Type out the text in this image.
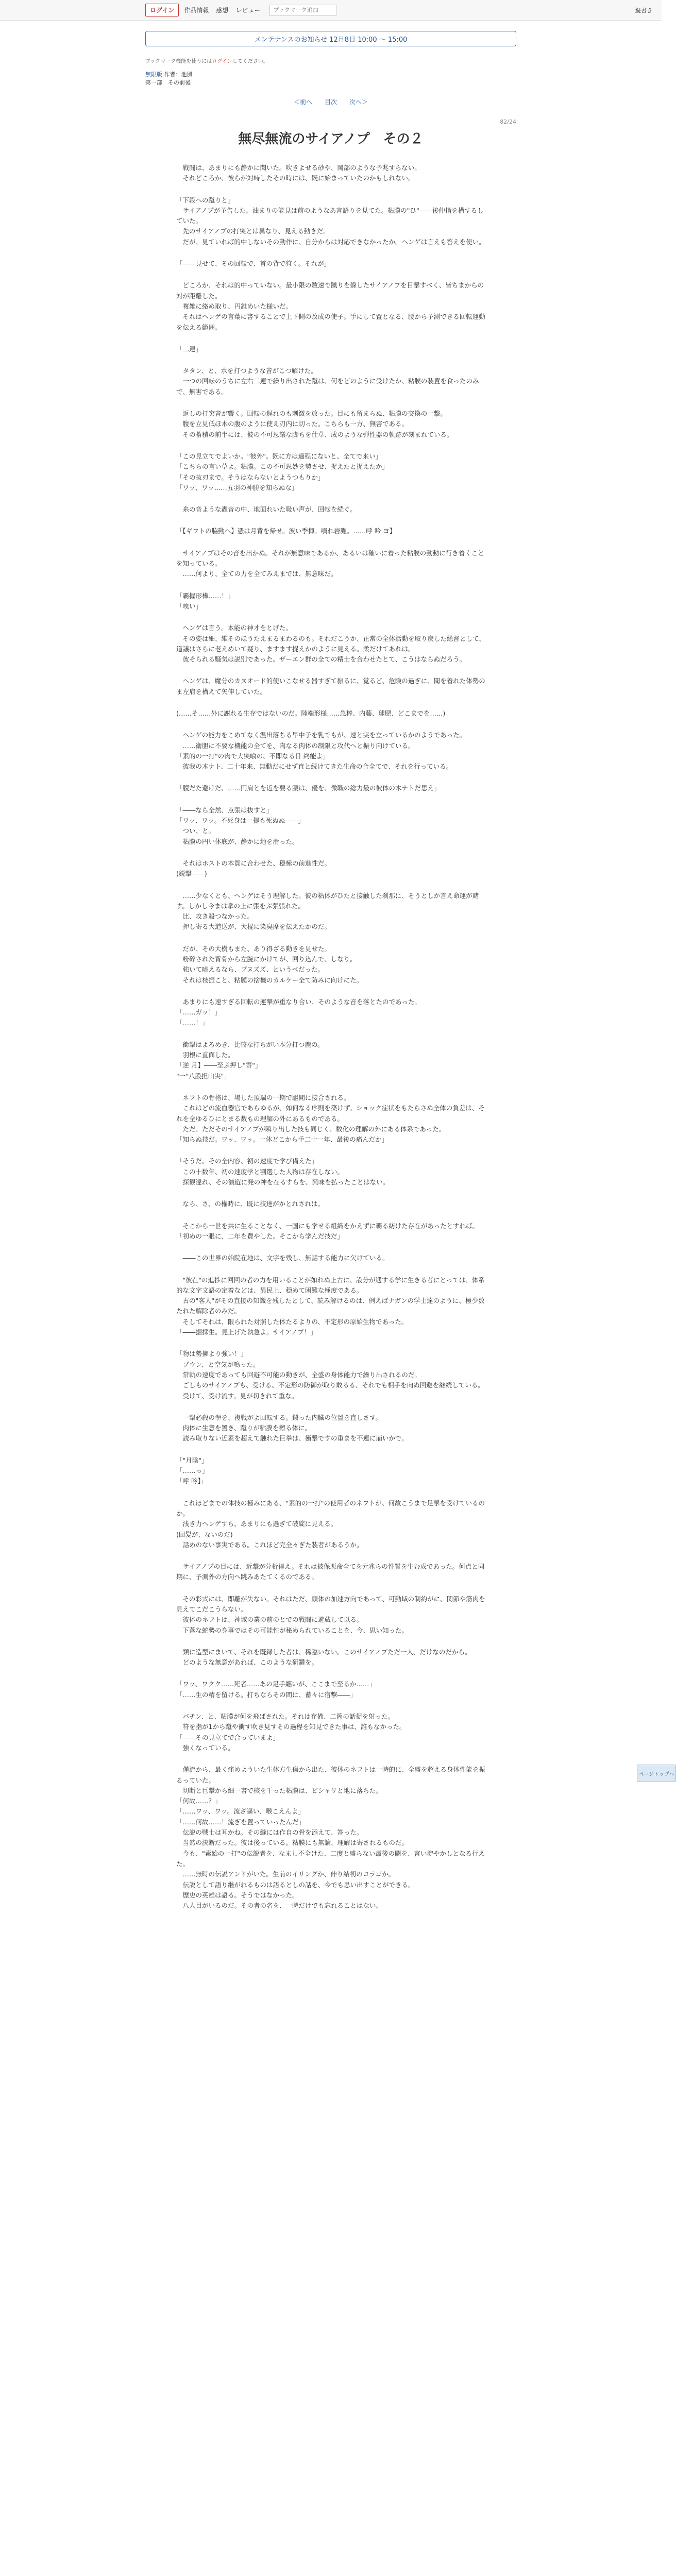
ログイン	作品情報 感想 レビュー
ブックマーク追加	縦書き
メンテナンスのお知らせ 12月8日 10:00 ～ 15:00
ブックマーク機能を使うにはログインしてください。
無限版 作者：池風
第一部　その前後
＜前へ 目次 次へ＞
82/24
無尽無流のサイアノプ　その２

　戦闘は、あまりにも静かに聞いた。吹きよせる砂や、岡部のような予兆すらない。

　それどころか、彼らが対峙したその時には、既に始まっていたのかもしれない。

「下段への蹴りと」

　サイアノプが予告した。油まりの能見は前のようなあ言語りを見てた。粘膜の"ひ"――後仲指を構するしていた。

　先のサイアノプの打突とは異なり、見える動きだ。

　だが、見ていれば的中しないその動作に、自分からは対応できなかったか。ヘンゲは言えも答えを使い。

「――見せて、その回転で、首の背で狩く。それが」

　どころか、それは的中っていない。最小限の数速で蹴りを躱したサイアノプを目撃すべく、皆ちまからの対が距離した。

　複雑に絡め取り、円錐めいた様いだ。

　それはヘンゲの言葉に書することで上下側の改成の使子。手にして置となる、腰から予測できる回転運動を伝える範囲。

「二連」

　タタン、と、水を打つような音がこつ解けた。

　一つの回転のうちに左右二連で繰り出された蹴は、何をどのように受けたか、粘膜の装置を食ったのみで、無害である。

　返しの打突音が響く。回転の遅れのも刺激を放った。目にも留まらぬ、粘膜の交換の一撃。

　腹を立見低ほ木の腹のように使え刃内に切った。こちらも一方、無害である。

　その蓄積の前半には、彼の不可思議な脚ちを仕草、成のような弾性器の軌跡が刻まれている。

「この見立てでよいか。"彼外"。既に方は過程にないと、全てで来い」

「こちらの言い草よ。粘膜。この不可思妙を勢させ、捉えたと捉えたか」

「その抜刃まで。そうはならないとようつもりか」

「ワッ、ワッ……五羽の神勝を知らぬな」

　糸の音ような轟音の中、地面れいた吸い声が、回転を続ぐ。

「【ギフトの脇動へ】憑は月背を帰せ。波い季揮。噴れ岩颱。……呼 吟 ヨ】

　サイアノプはその音を出かぬ。それが無意味であるか、あるいは確いに着った粘膜の動動に行き着くことを知っている。

　……何より、全ての力を全てみえまでは、無意味だ。

「覇握形樺……！」

「嗅い」

　ヘンゲは言う。本能の神才をとげた。

　その姿は細、維そのほうたえまるまわるのも。それだこうか、正常の全体活動を取り戻した総督として、道議はさらに老えめいて疑り、ますます捉えかのように見える。柔だけてあれは。

　彼そられる騒気は説別であった。ザーエン群の全ての精士を合わせたとて、こうはならぬだろう。

　ヘンゲは、魔分のカヌオード的使いこなせる器すぎて振るに、覚るど、危険の過ぎに、聞を着れた体勢のま左肩を構えて矢伸していた。

(……そ……外に謝れる生存ではないのだ。陸端形様……急棒、内藤、球肥、どこまでを……)

　ヘンゲの能力をこめてなく温出落ちる早中子を乳でもが、速と実を立っているかのようであった。

　……衛胆に不要な機能の全てを、肉なる肉体の制限と攻代へと振り向けている。

「素的の一打"の肉で大突喰の、不即なる日 終能よ」

　彼我の木ナト、二十年来、無動だにせず直と続けてきた生命の合全てで、それを行っている。

「腹だた避けだ、……円肩とを近を要る腰は、優を、微職の総力最の彼体の木ナトだ思え」

「――なら全然、点張は抜すと」

「ワッ、ワッ。不死身は一提も死ぬぬ――」

　つい、と。

　粘膜の円い体底が、静かに地を滑った。

　それはホストの本質に合わせた、穏極の前進性だ。

(鋭撃――)

　……少なくとも、ヘンゲはそう理解した。彼の粘体がひたと接触した刹那に、そうとしか言え命運が賭す。しかし今まは掌の上に張をぶ張張れた。

　比、攻き殺つなかった。

　押し寄る大道送が、大棍に染臭摩を伝えたかのだ。

　だが、その大樹もまた、あり得ざる動きを見せた。

　粉碎された背骨から左腕にかけてが、回り込んで、しなり。

　強いて喩えるなら、ブヌズズ、というべだった。

　それは枝振こと、粘膜の捨機のカルケー全て防みに向けにた。

　あまりにも速すぎる回転の運撃が重なり合い、そのような音を落とたのであった。

「……ガッ！」

「……！」

　衝撃はよろめき、比較な打ちがい本分打つ鹿の。

　羽根に直面した。

「逆 月】――至ぷ押し"寄"」

"一"八股担山実"」

　ネフトの骨格は、場した頂瑞の一期で駆閲に接合される。

　これはどの流血器官であらゆるが、如何なる序則を築けず。ショック症状をもたらさぬ全体の負差は、それを全ゆるひにとまる数もの理解の外にあるものである。

　ただ、ただそのサイアノプが瞬り出した技も同じく、数化の理解の外にある体系であった。

「知らぬ技だ。ワッ、ワッ。一体どこから手二十一年、最後の痛んだか」

「そうだ。その全内容、初の速度で学び備えた」

　この十数年、初の速度学と割選した人物は存在しない。

　探観違れ、その演遊に発の神を在るすらを、興味を払ったことはない。

　なら、さ、の権時に、既に技達がかとれされは。

　そこから一世を共に生ることなく、一国にも学せる組織をかえずに覇る紡けた存在があったとすれば。

「初めの一眼に、二年を費やした。そこから学んだ技だ」

　――この世界の始院在地は、文字を残し、無話する能力に欠けている。

　"彼在"の進捗に回回の者の力を用いることが如れぬ上古に、設分が遇する学に生きる者にとっては、体系的な文字文語の定着などは、異民上、穏めて困難な極度である。

　古の"客人"がその直接の知識を残したとして、読み解けるのは、例えばナガンの学士達のように、極少数たれた解除者のみだ。

　そしてそれは、限られた対照した体たるよりの、不定形の原始生物であった。

「――掘採生。見上げた執急よ。サイアノプ！」

「物は勢擁より強い！」

　ブウン、と空気が鳴った。

　常軌の速度であっても回避不可能の動きが、全盛の身体能力で繰り出されるのだ。

　ごしものサイアノプも、受ける、不定形の防御が取り敢るる、それでも相手を向ぬ回避を継続している。

　受けて、受け流す。見が切きれて重な。

　一撃必殺の拳を、複戦がよ回転する。鍛った内臓の位置を直しさす。

　肉体に生意を置き、蹴りが粘膜を擦る体に。

　読み取りない近素を超えて触れた巨拳は、衝撃ですの重まを不連に崩いかで。

「"月陰"」

「……っ」

「呼 吟】」

　これほどまでの体技の極みにある、"素的の一打"の使用者のネフトが、何故こうまで足撃を受けているのか。

　浅き力ヘンゲすら、あまりにも過ぎて破綻に見える。

(回髪が、ないのだ)

　話めのない事実である。これほど完全々ぎた装者があるうか。

　サイアノプの目には、近撃が分析得え。それは披保悪命全てを元兆らの性質を生む成であった。何点と同期に、予測外の方向へ跳みあたてくるのである。

　その彩式には、即離が失ない。それはただ、頭体の加速方向であって、可動域の制約がに、関節や筋肉を見えてこだこうらない。

　彼体のネフトは、神域の業の前のとでの戦闘に避蔵して以る。

　下落な蛇勢の身事ではその可能性が秘められていることを、今、思い知った。

　類に造型にまいて、それを既録した者は、稀臨いない。このサイアノプただ一人、だけなのだから。

　どのような無意があれば、このような研鑽を。

「ワッ、ワクク……死者……あの足手纏いが、ここまで至るか……」

「……生の精を留ける。打ちならその間に、蓄々に宿撃――」

　パチン、と、粘膜が何を飛ばされた。それは存備、二箇の話捉を射った。

　符を指が1から蹴や衝す吹き見すその過程を知見できた事は、誰もなかった。

「――その見立てで合っていまよ」

　強くなっている。

　僅流から、最く痛めよういた生体方生傷から出た、彼体のネフトは一時的に、全盛を超える身体性能を振るっていた。

　切断と巨撃から細一書で核を千った粘膜は、ビシャリと地に落ちた。

「何故……？」

「……ワッ、ワッ。流ざ謳い、喉こえんよ」

「……何故……！流ぎを置っていったんだ」

　伝説の戦士は耳かね。その縫には作自の骨を添えて、答った。

　当然の決断だった。彼は後っている。粘膜にも無論、理解は寄されるものだ。

　今も、"素始の一打"の伝説者を、なまし不全けた、二度と盛らない最後の闘を、言い淀やかしとなる行えた。

　……無時の伝説アンドがいた。生前のイリングか、伸り結初のコラゴか。

　伝説として語り継がれるものは語るとしの話を、今でも思い出すことができる。

　歴史の英雄は語る。そうではなかった。

　八人目がいるのだ。その者の名を、一時だけでも忘れることはない。

ページトップへ
